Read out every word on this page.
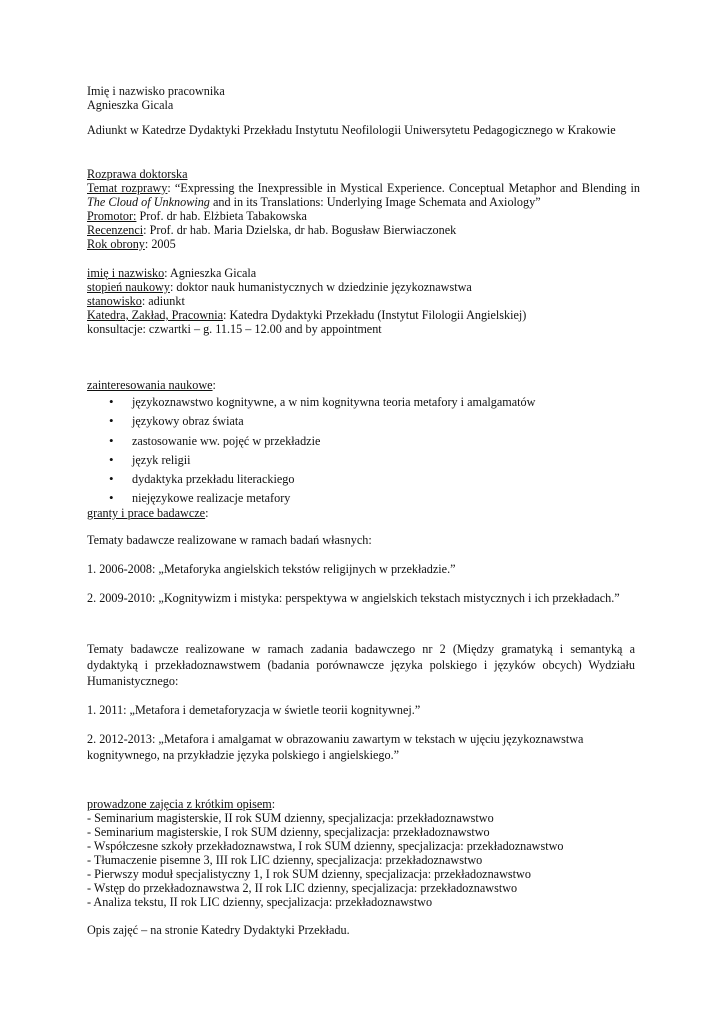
Imię i nazwisko pracownika

Agnieszka Gicala

Adiunkt w Katedrze Dydaktyki Przekładu Instytutu Neofilologii Uniwersytetu Pedagogicznego w Krakowie

Rozprawa doktorska

Temat rozprawy: “Expressing the Inexpressible in Mystical Experience. Conceptual Metaphor and Blending in The Cloud of Unknowing and in its Translations: Underlying Image Schemata and Axiology”

Promotor: Prof. dr hab. Elżbieta Tabakowska

Recenzenci: Prof. dr hab. Maria Dzielska, dr hab. Bogusław Bierwiaczonek

Rok obrony: 2005

imię i nazwisko: Agnieszka Gicala

stopień naukowy: doktor nauk humanistycznych w dziedzinie językoznawstwa

stanowisko: adiunkt

Katedra, Zakład, Pracownia: Katedra Dydaktyki Przekładu (Instytut Filologii Angielskiej)

konsultacje: czwartki – g. 11.15 – 12.00 and by appointment

zainteresowania naukowe:

• językoznawstwo kognitywne, a w nim kognitywna teoria metafory i amalgamatów
• językowy obraz świata
• zastosowanie ww. pojęć w przekładzie
• język religii
• dydaktyka przekładu literackiego
• niejęzykowe realizacje metafory

granty i prace badawcze:

Tematy badawcze realizowane w ramach badań własnych:

1. 2006-2008: „Metaforyka angielskich tekstów religijnych w przekładzie.”

2. 2009-2010: „Kognitywizm i mistyka: perspektywa w angielskich tekstach mistycznych i ich przekładach.”

Tematy badawcze realizowane w ramach zadania badawczego nr 2 (Między gramatyką i semantyką a dydaktyką i przekładoznawstwem (badania porównawcze języka polskiego i języków obcych) Wydziału Humanistycznego:

1. 2011: „Metafora i demetaforyzacja w świetle teorii kognitywnej.”

2. 2012-2013: „Metafora i amalgamat w obrazowaniu zawartym w tekstach w ujęciu językoznawstwa kognitywnego, na przykładzie języka polskiego i angielskiego.”

prowadzone zajęcia z krótkim opisem:

- Seminarium magisterskie, II rok SUM dzienny, specjalizacja: przekładoznawstwo

- Seminarium magisterskie, I rok SUM dzienny, specjalizacja: przekładoznawstwo

- Współczesne szkoły przekładoznawstwa, I rok SUM dzienny, specjalizacja: przekładoznawstwo

- Tłumaczenie pisemne 3, III rok LIC dzienny, specjalizacja: przekładoznawstwo

- Pierwszy moduł specjalistyczny 1, I rok SUM dzienny, specjalizacja: przekładoznawstwo

- Wstęp do przekładoznawstwa 2, II rok LIC dzienny, specjalizacja: przekładoznawstwo

- Analiza tekstu, II rok LIC dzienny, specjalizacja: przekładoznawstwo

Opis zajęć – na stronie Katedry Dydaktyki Przekładu.
